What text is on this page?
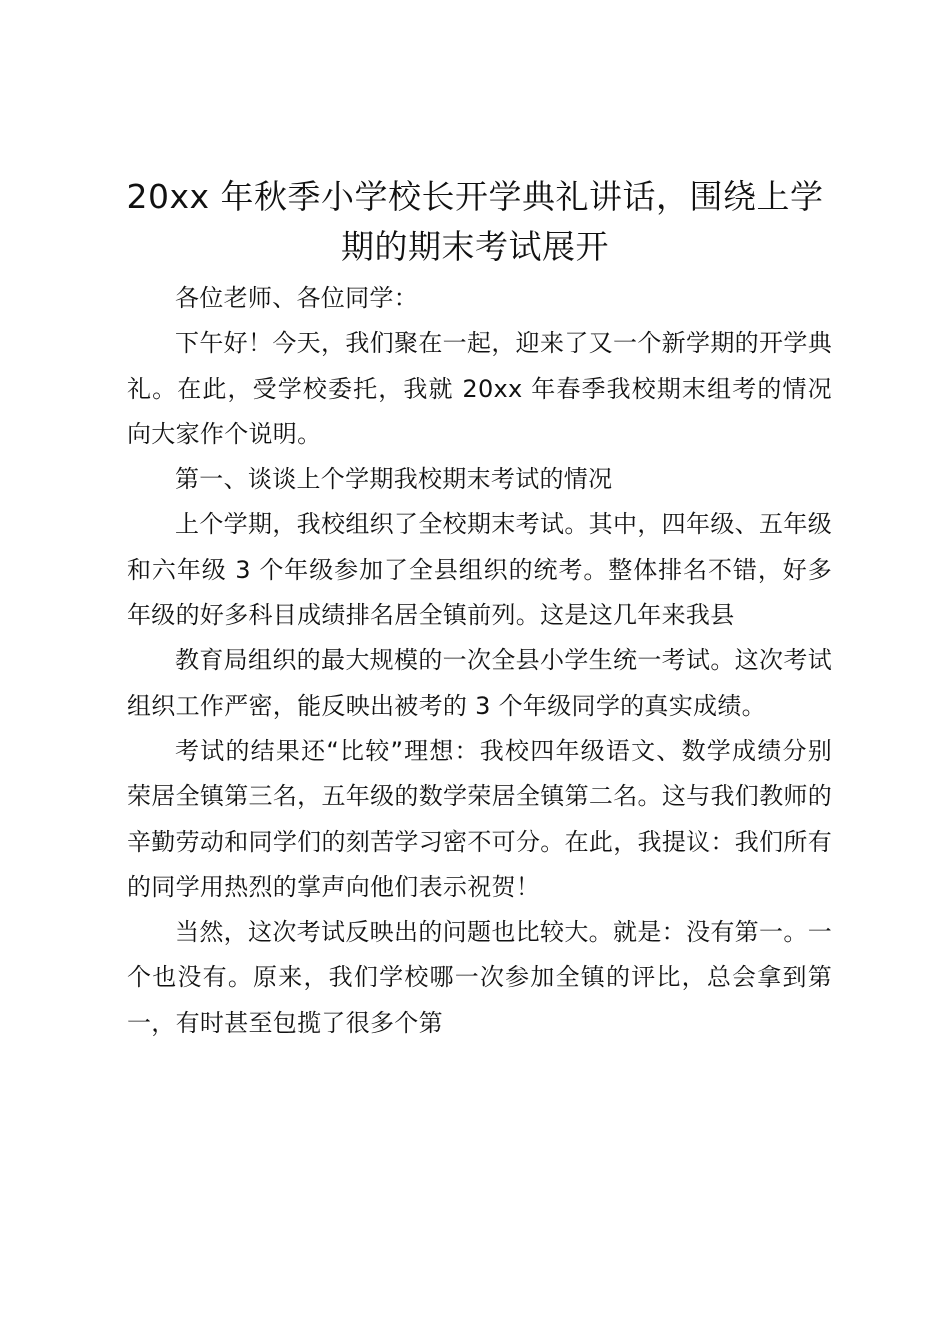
20xx 年秋季小学校长开学典礼讲话，围绕上学期的期末考试展开

各位老师、各位同学：

下午好！今天，我们聚在一起，迎来了又一个新学期的开学典礼。在此，受学校委托，我就 20xx 年春季我校期末组考的情况向大家作个说明。

第一、谈谈上个学期我校期末考试的情况

上个学期，我校组织了全校期末考试。其中，四年级、五年级和六年级 3 个年级参加了全县组织的统考。整体排名不错，好多年级的好多科目成绩排名居全镇前列。这是这几年来我县

教育局组织的最大规模的一次全县小学生统一考试。这次考试组织工作严密，能反映出被考的 3 个年级同学的真实成绩。

考试的结果还“比较”理想：我校四年级语文、数学成绩分别荣居全镇第三名，五年级的数学荣居全镇第二名。这与我们教师的辛勤劳动和同学们的刻苦学习密不可分。在此，我提议：我们所有的同学用热烈的掌声向他们表示祝贺！

当然，这次考试反映出的问题也比较大。就是：没有第一。一个也没有。原来，我们学校哪一次参加全镇的评比，总会拿到第一，有时甚至包揽了很多个第
